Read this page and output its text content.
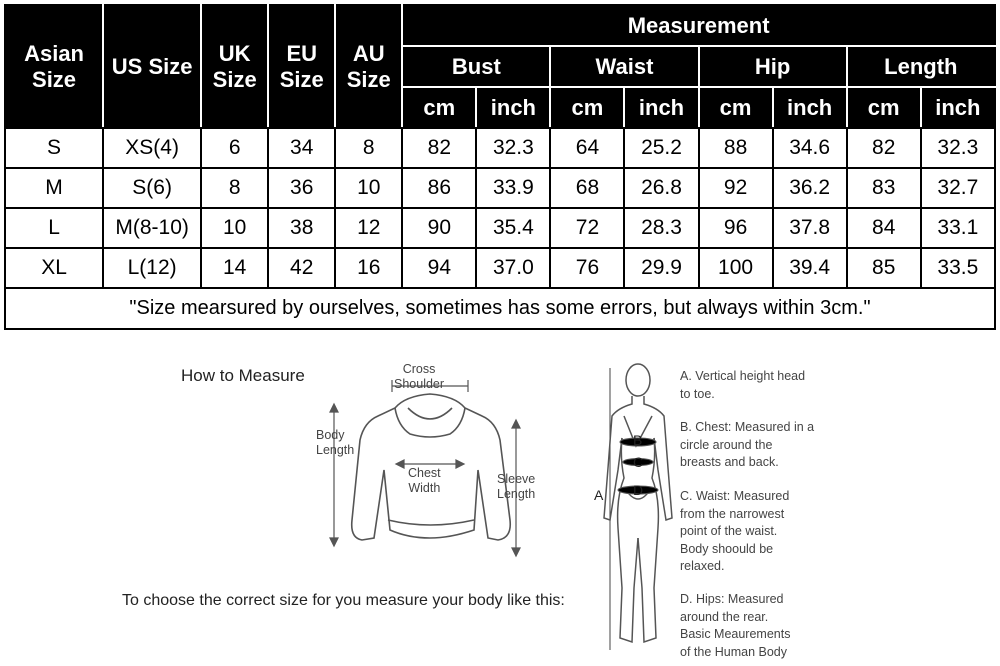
Asian Size	US Size	UK Size	EU Size	AU Size	Measurement							
					Bust		Waist		Hip		Length	
					cm	inch	cm	inch	cm	inch	cm	inch
S	XS(4)	6	34	8	82	32.3	64	25.2	88	34.6	82	32.3
M	S(6)	8	36	10	86	33.9	68	26.8	92	36.2	83	32.7
L	M(8-10)	10	38	12	90	35.4	72	28.3	96	37.8	84	33.1
XL	L(12)	14	42	16	94	37.0	76	29.9	100	39.4	85	33.5
"Size mearsured by ourselves, sometimes has some errors, but always within 3cm."												
How to Measure	Cross
Shoulder
Body
Length
Chest
Width
Sleeve
Length
To choose the correct size for you measure your body like this:
A
B
C
D
A. Vertical height head
to toe.
B. Chest: Measured in a
circle around the
breasts and back.
C. Waist: Measured
from the narrowest
point of the waist.
Body shoould be
relaxed.
D. Hips: Measured
around the rear.
Basic Meaurements
of the Human Body
